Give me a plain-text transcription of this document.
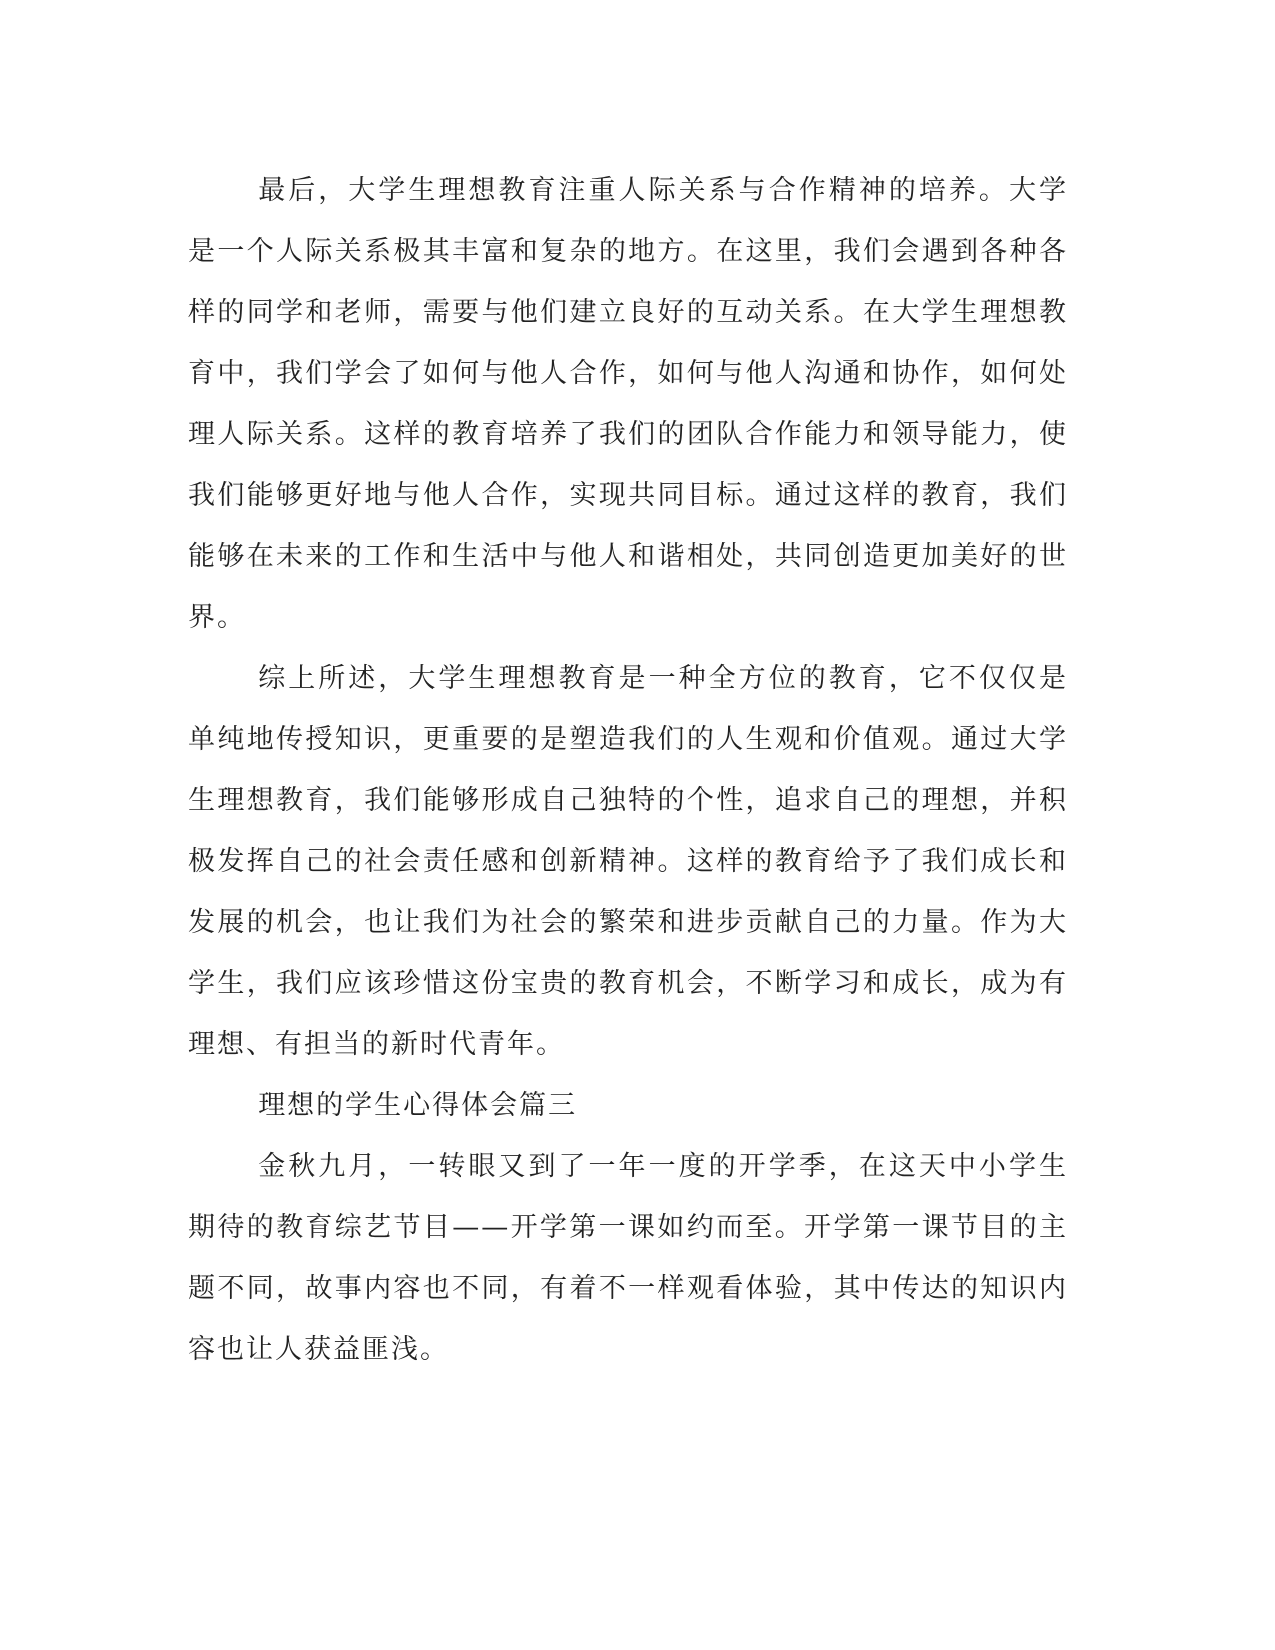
最后，大学生理想教育注重人际关系与合作精神的培养。大学是一个人际关系极其丰富和复杂的地方。在这里，我们会遇到各种各样的同学和老师，需要与他们建立良好的互动关系。在大学生理想教育中，我们学会了如何与他人合作，如何与他人沟通和协作，如何处理人际关系。这样的教育培养了我们的团队合作能力和领导能力，使我们能够更好地与他人合作，实现共同目标。通过这样的教育，我们能够在未来的工作和生活中与他人和谐相处，共同创造更加美好的世界。

综上所述，大学生理想教育是一种全方位的教育，它不仅仅是单纯地传授知识，更重要的是塑造我们的人生观和价值观。通过大学生理想教育，我们能够形成自己独特的个性，追求自己的理想，并积极发挥自己的社会责任感和创新精神。这样的教育给予了我们成长和发展的机会，也让我们为社会的繁荣和进步贡献自己的力量。作为大学生，我们应该珍惜这份宝贵的教育机会，不断学习和成长，成为有理想、有担当的新时代青年。

理想的学生心得体会篇三

金秋九月，一转眼又到了一年一度的开学季，在这天中小学生期待的教育综艺节目——开学第一课如约而至。开学第一课节目的主题不同，故事内容也不同，有着不一样观看体验，其中传达的知识内容也让人获益匪浅。
